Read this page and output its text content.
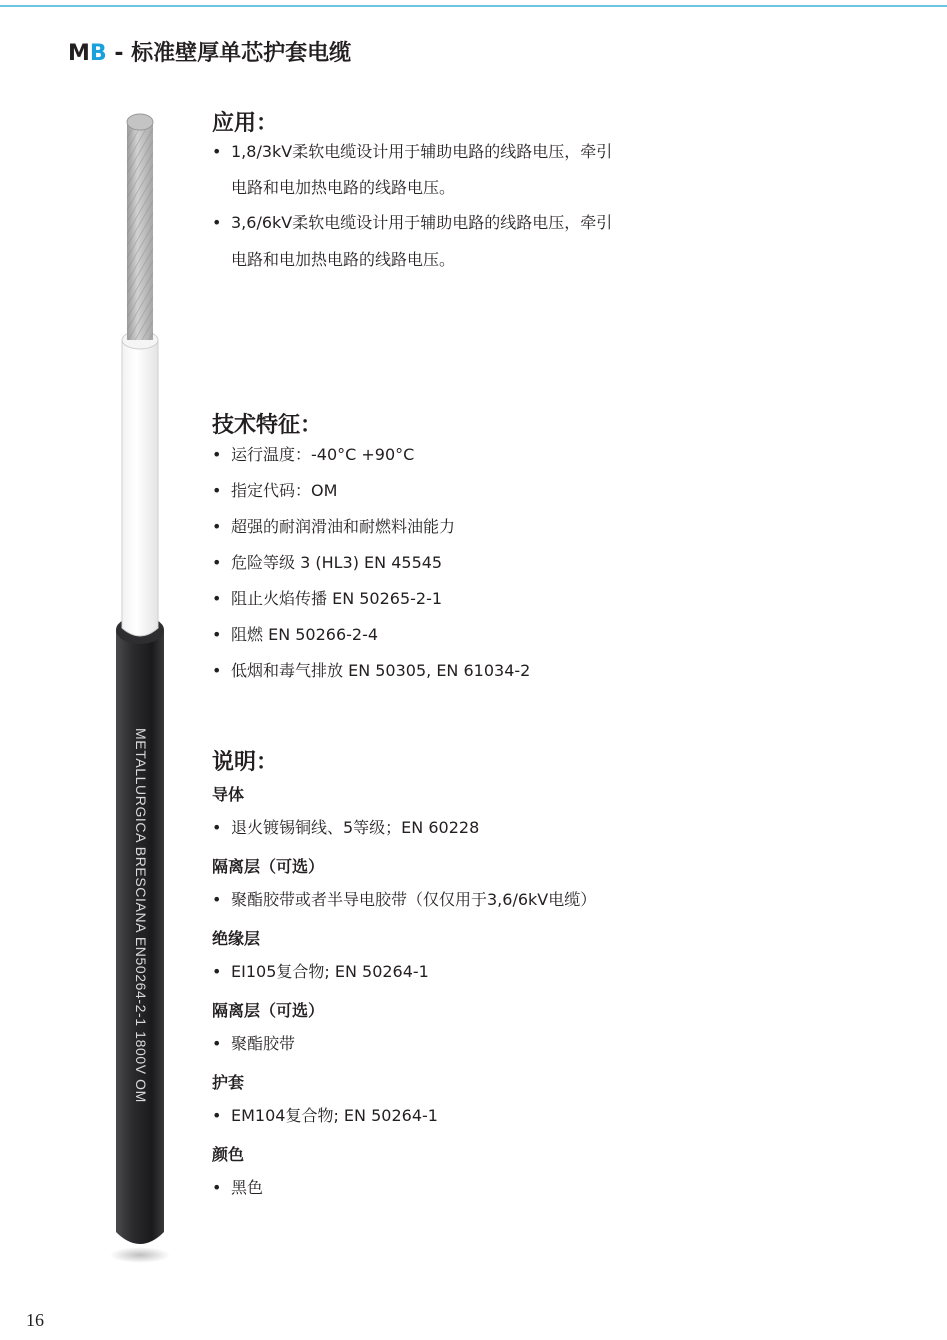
MB - 标准壁厚单芯护套电缆
METALLURGICA BRESCIANA EN50264-2-1 1800V OM
应用：
• 1,8/3kV柔软电缆设计用于辅助电路的线路电压，牵引
电路和电加热电路的线路电压。
• 3,6/6kV柔软电缆设计用于辅助电路的线路电压，牵引
电路和电加热电路的线路电压。
技术特征：
• 运行温度：-40°C +90°C
• 指定代码：OM
• 超强的耐润滑油和耐燃料油能力
• 危险等级 3 (HL3) EN 45545
• 阻止火焰传播 EN 50265-2-1
• 阻燃 EN 50266-2-4
• 低烟和毒气排放 EN 50305, EN 61034-2
说明：
导体
• 退火镀锡铜线、5等级；EN 60228
隔离层（可选）
• 聚酯胶带或者半导电胶带（仅仅用于3,6/6kV电缆）
绝缘层
• EI105复合物; EN 50264-1
隔离层（可选）
• 聚酯胶带
护套
• EM104复合物; EN 50264-1
颜色
• 黑色
16
